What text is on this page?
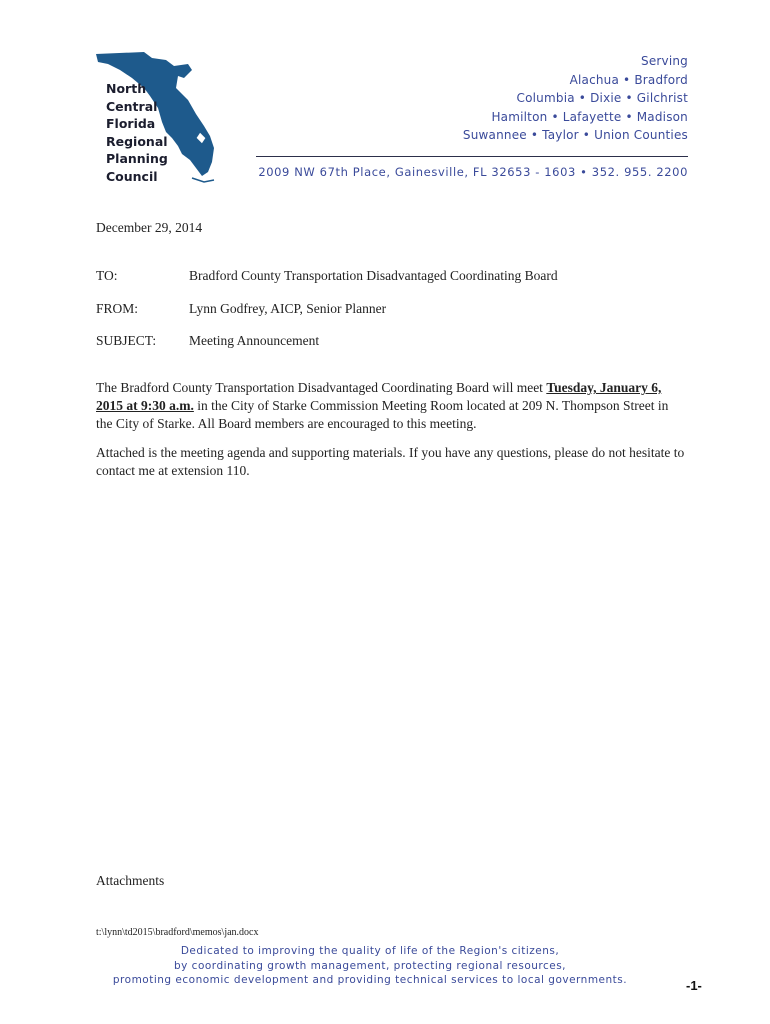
North
Central
Florida
Regional
Planning
Council
Serving
Alachua • Bradford
Columbia • Dixie • Gilchrist
Hamilton • Lafayette • Madison
Suwannee • Taylor • Union Counties
2009 NW 67th Place, Gainesville, FL 32653 - 1603 • 352. 955. 2200
December 29, 2014
TO:	Bradford County Transportation Disadvantaged Coordinating Board
FROM:	Lynn Godfrey, AICP, Senior Planner
SUBJECT: Meeting Announcement
The Bradford County Transportation Disadvantaged Coordinating Board will meet Tuesday, January 6, 2015 at 9:30 a.m. in the City of Starke Commission Meeting Room located at 209 N. Thompson Street in the City of Starke. All Board members are encouraged to this meeting.
Attached is the meeting agenda and supporting materials. If you have any questions, please do not hesitate to contact me at extension 110.
Attachments
t:\lynn\td2015\bradford\memos\jan.docx
Dedicated to improving the quality of life of the Region's citizens,
by coordinating growth management, protecting regional resources,
promoting economic development and providing technical services to local governments.	-1-
